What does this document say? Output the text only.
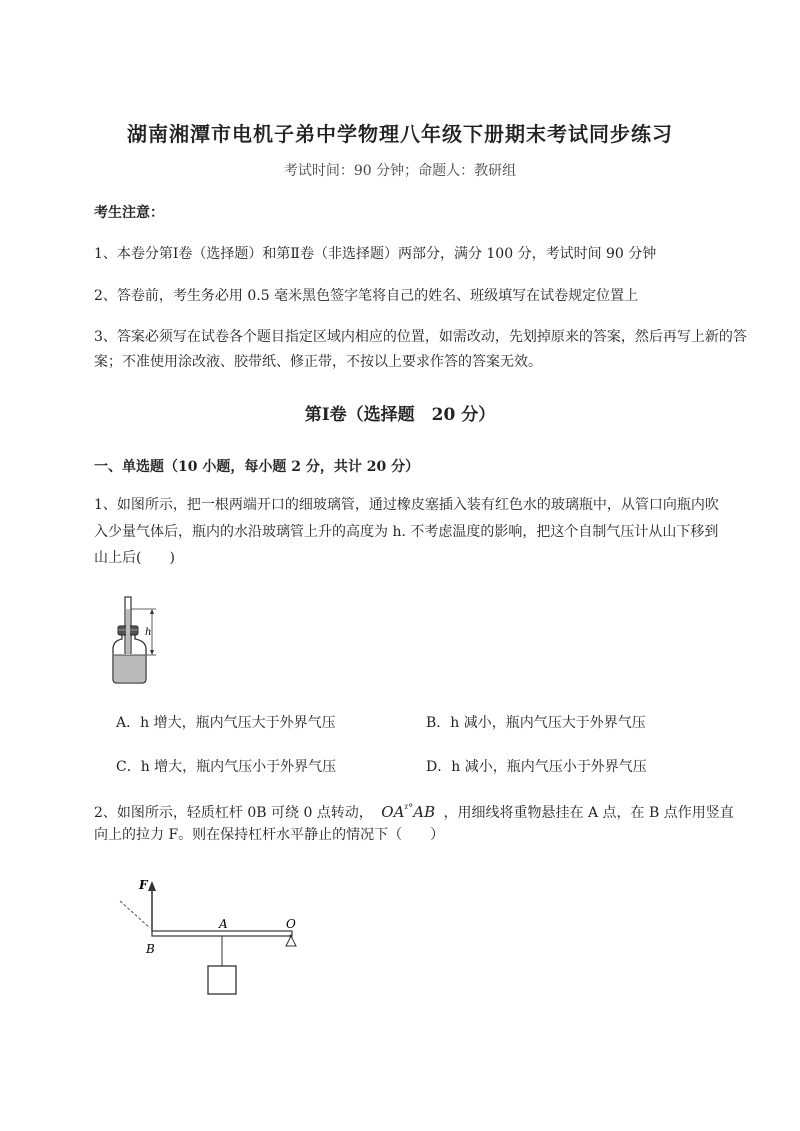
湖南湘潭市电机子弟中学物理八年级下册期末考试同步练习
考试时间：90 分钟；命题人：教研组
考生注意：
1、本卷分第Ⅰ卷（选择题）和第Ⅱ卷（非选择题）两部分，满分 100 分，考试时间 90 分钟
2、答卷前，考生务必用 0.5 毫米黑色签字笔将自己的姓名、班级填写在试卷规定位置上
3、答案必须写在试卷各个题目指定区域内相应的位置，如需改动，先划掉原来的答案，然后再写上新的答案；不准使用涂改液、胶带纸、修正带，不按以上要求作答的答案无效。
第Ⅰ卷（选择题　20 分）
一、单选题（10 小题，每小题 2 分，共计 20 分）
1、如图所示，把一根两端开口的细玻璃管，通过橡皮塞插入装有红色水的玻璃瓶中，从管口向瓶内吹
入少量气体后，瓶内的水沿玻璃管上升的高度为 h. 不考虑温度的影响，把这个自制气压计从山下移到
山上后(　　)
h
A．h 增大，瓶内气压大于外界气压	B．h 减小，瓶内气压大于外界气压
C．h 增大，瓶内气压小于外界气压	D．h 减小，瓶内气压小于外界气压
2、如图所示，轻质杠杆 0B 可绕 0 点转动， $OA^{ᵡ^\circ}AB$ ，用细线将重物悬挂在 A 点，在 B 点作用竖直
向上的拉力 F。则在保持杠杆水平静止的情况下（　　）
F
O
A
B
